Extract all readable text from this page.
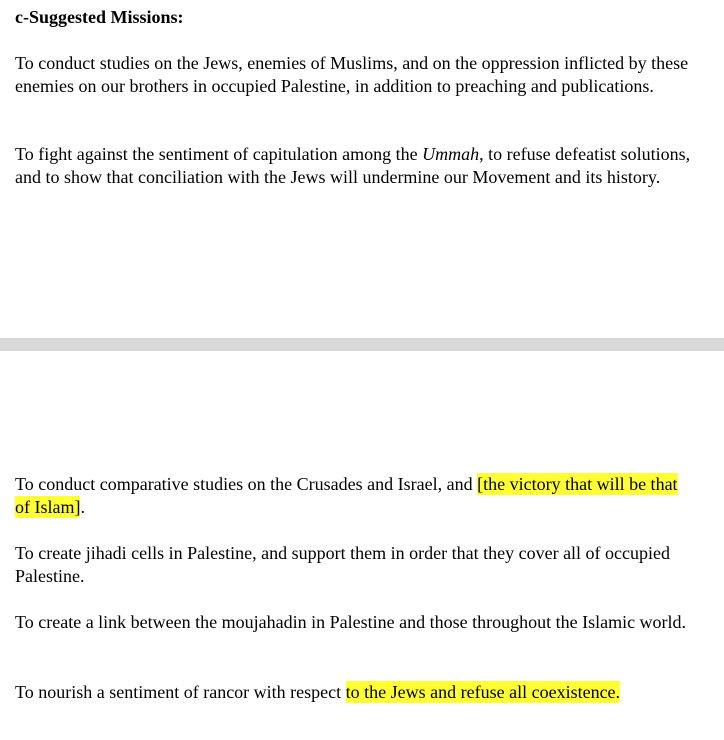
c-Suggested Missions:

To conduct studies on the Jews, enemies of Muslims, and on the oppression inflicted by these enemies on our brothers in occupied Palestine, in addition to preaching and publications.

To fight against the sentiment of capitulation among the Ummah, to refuse defeatist solutions, and to show that conciliation with the Jews will undermine our Movement and its history.

To conduct comparative studies on the Crusades and Israel, and [the victory that will be that of Islam].

To create jihadi cells in Palestine, and support them in order that they cover all of occupied Palestine.

To create a link between the moujahadin in Palestine and those throughout the Islamic world.

To nourish a sentiment of rancor with respect to the Jews and refuse all coexistence.
